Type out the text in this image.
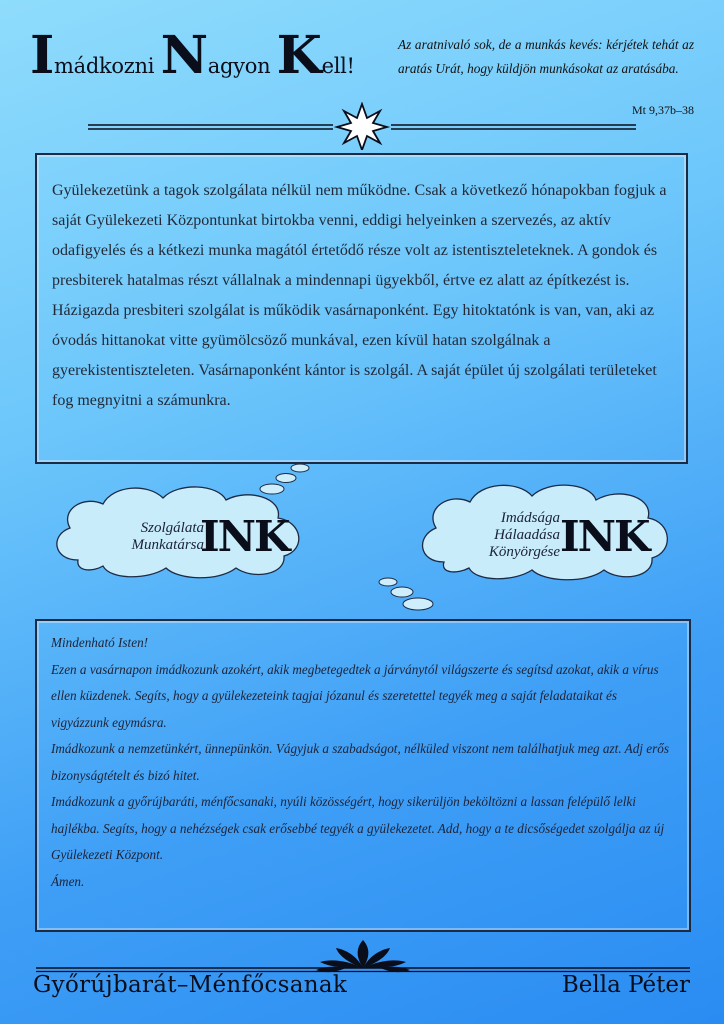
Imádkozni Nagyon Kell!
Az aratnivaló sok, de a munkás kevés: kérjétek tehát az aratás Urát, hogy küldjön munkásokat az aratásába.
Mt 9,37b–38

Gyülekezetünk a tagok szolgálata nélkül nem működne. Csak a következő hónapokban fogjuk a saját Gyülekezeti Központunkat birtokba venni, eddigi helyeinken a szervezés, az aktív odafigyelés és a kétkezi munka magától értetődő része volt az istentiszteleteknek. A gondok és presbiterek hatalmas részt vállalnak a mindennapi ügyekből, értve ez alatt az építkezést is. Házigazda presbiteri szolgálat is működik vasárnaponként. Egy hitoktatónk is van, van, aki az óvodás hittanokat vitte gyümölcsöző munkával, ezen kívül hatan szolgálnak a gyerekistentiszteleten. Vasárnaponként kántor is szolgál. A saját épület új szolgálati területeket fog megnyitni a számunkra.

Szolgálata
Munkatársa
INK	Imádsága
Hálaadása
Könyörgése INK
Mindenható Isten!
Ezen a vasárnapon imádkozunk azokért, akik megbetegedtek a járványtól világszerte és segítsd azokat, akik a vírus ellen küzdenek. Segíts, hogy a gyülekezeteink tagjai józanul és szeretettel tegyék meg a saját feladataikat és vigyázzunk egymásra.
Imádkozunk a nemzetünkért, ünnepünkön. Vágyjuk a szabadságot, nélküled viszont nem találhatjuk meg azt. Adj erős bizonyságtételt és bizó hitet.
Imádkozunk a győrújbaráti, ménfőcsanaki, nyúli közösségért, hogy sikerüljön beköltözni a lassan felépülő lelki hajlékba. Segíts, hogy a nehézségek csak erősebbé tegyék a gyülekezetet. Add, hogy a te dicsőségedet szolgálja az új Gyülekezeti Központ.
Ámen.
Győrújbarát–Ménfőcsanak	Bella Péter
